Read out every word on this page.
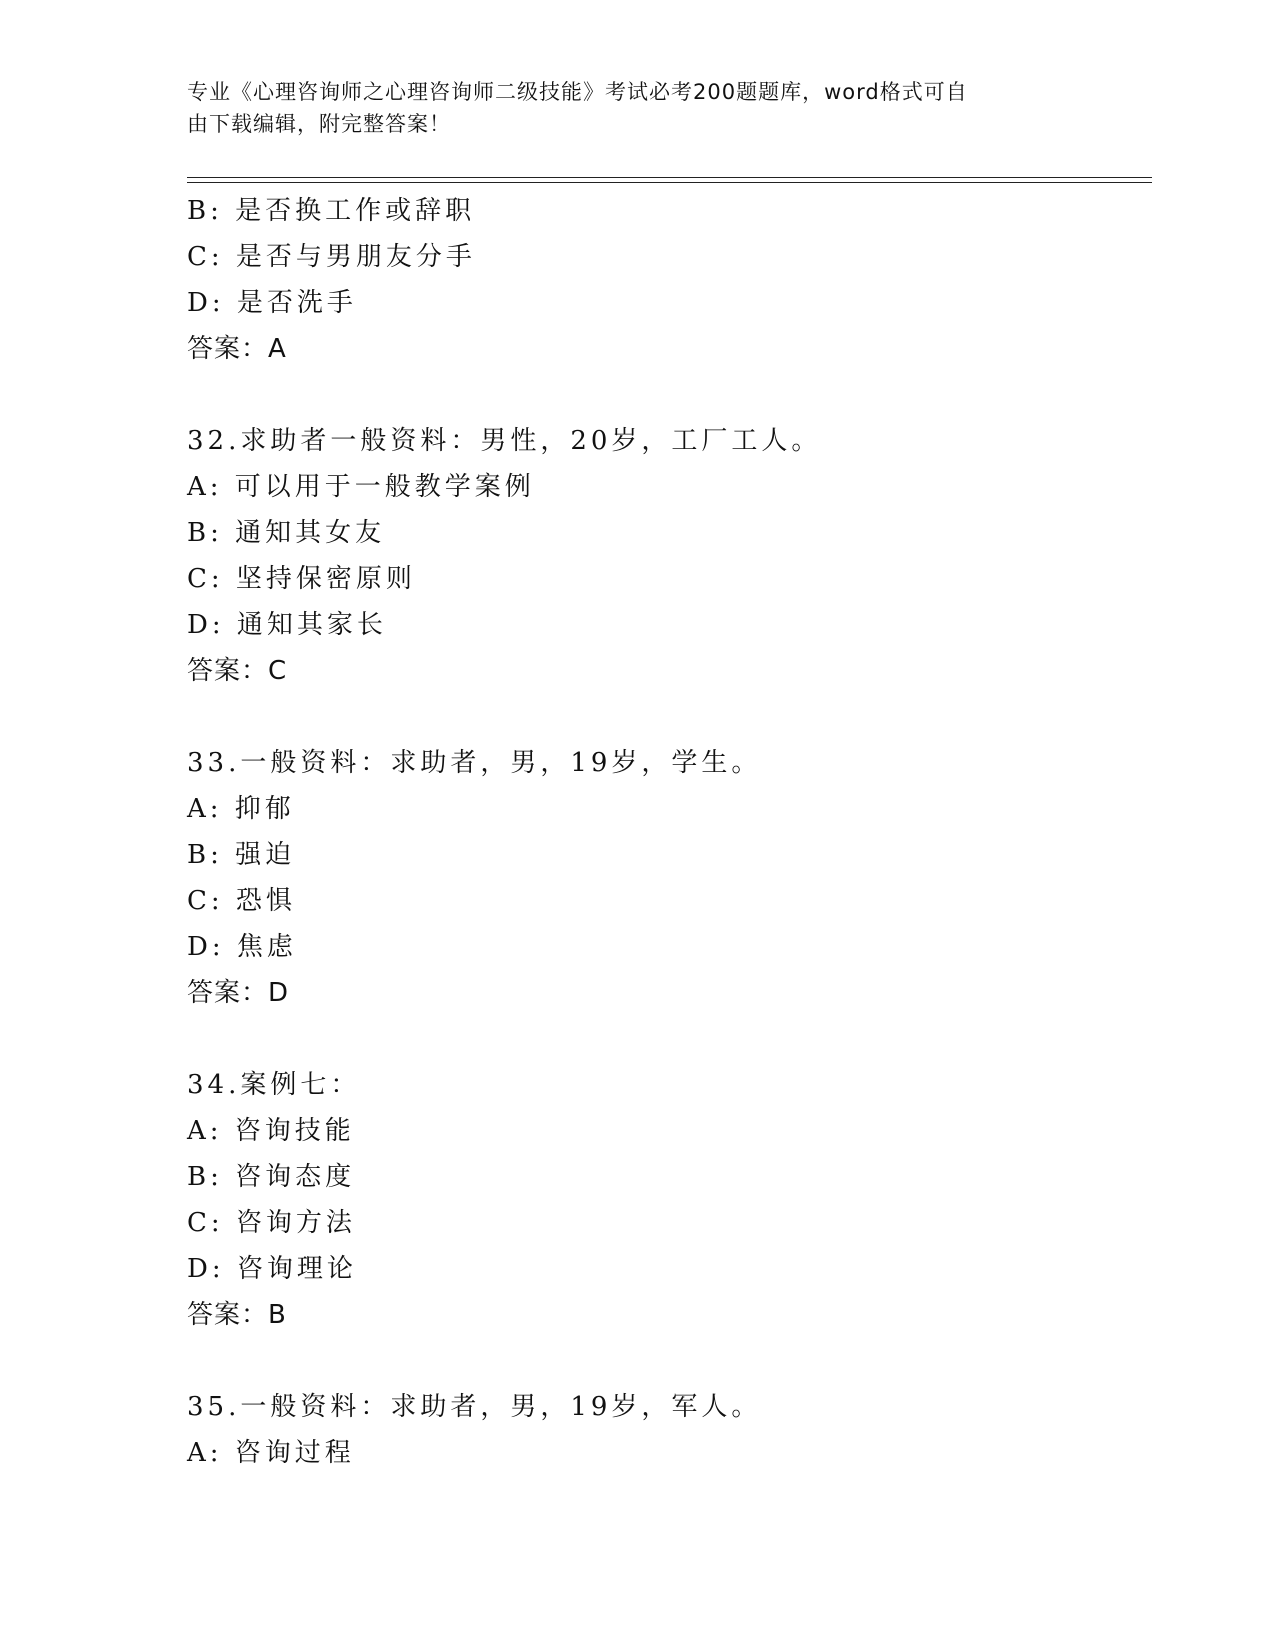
专业《心理咨询师之心理咨询师二级技能》考试必考200题题库，word格式可自
由下载编辑，附完整答案！
B: 是否换工作或辞职
C: 是否与男朋友分手
D: 是否洗手
答案：A
32.求助者一般资料：男性，20岁，工厂工人。
A: 可以用于一般教学案例
B: 通知其女友
C: 坚持保密原则
D: 通知其家长
答案：C
33.一般资料：求助者，男，19岁，学生。
A: 抑郁
B: 强迫
C: 恐惧
D: 焦虑
答案：D
34.案例七：
A: 咨询技能
B: 咨询态度
C: 咨询方法
D: 咨询理论
答案：B
35.一般资料：求助者，男，19岁，军人。
A: 咨询过程
